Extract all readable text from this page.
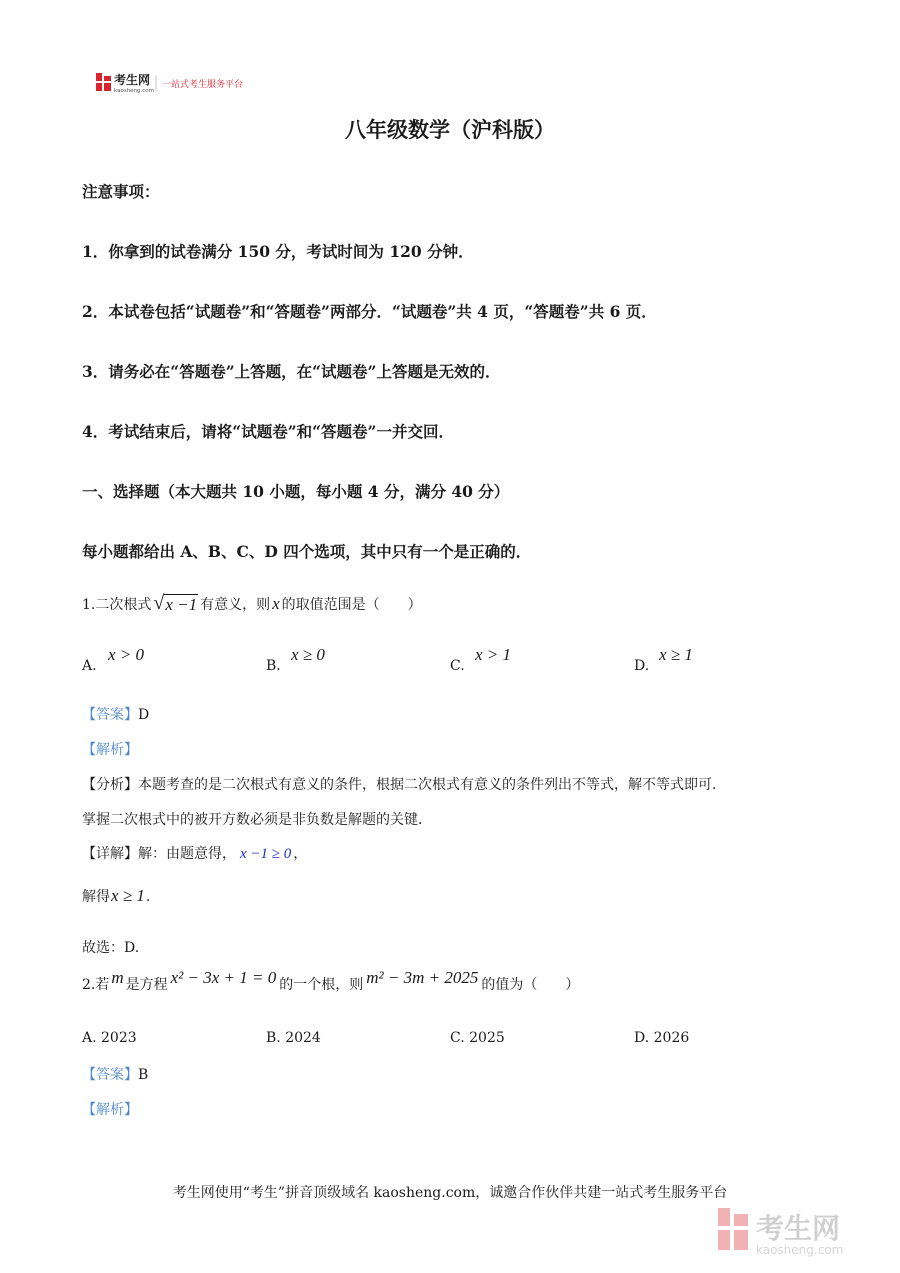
考生网
kaosheng.com
一站式考生服务平台
八年级数学（沪科版）
注意事项：
1．你拿到的试卷满分 150 分，考试时间为 120 分钟．
2．本试卷包括“试题卷”和“答题卷”两部分．“试题卷”共 4 页，“答题卷”共 6 页．
3．请务必在“答题卷”上答题，在“试题卷”上答题是无效的．
4．考试结束后，请将“试题卷”和“答题卷”一并交回．
一、选择题（本大题共 10 小题，每小题 4 分，满分 40 分）
每小题都给出 A、B、C、D 四个选项，其中只有一个是正确的．
1. 二次根式 √ x −1 有意义，则 x 的取值范围是（　　）
A.
x > 0
B.
x ≥ 0
C.
x > 1
D.
x ≥ 1
【答案】D
【解析】
【分析】本题考查的是二次根式有意义的条件，根据二次根式有意义的条件列出不等式，解不等式即可．
掌握二次根式中的被开方数必须是非负数是解题的关键．
【详解】 解：由题意得， x −1 ≥ 0 ，
解得 x ≥ 1 .
故选：D.
2. 若 m 是方程 x² − 3x + 1 = 0 的一个根，则 m² − 3m + 2025 的值为（　　）
A. 2023	B. 2024	C. 2025	D. 2026
【答案】B
【解析】
考生网使用“考生”拼音顶级域名 kaosheng.com，诚邀合作伙伴共建一站式考生服务平台
考生网
kaosheng.com
